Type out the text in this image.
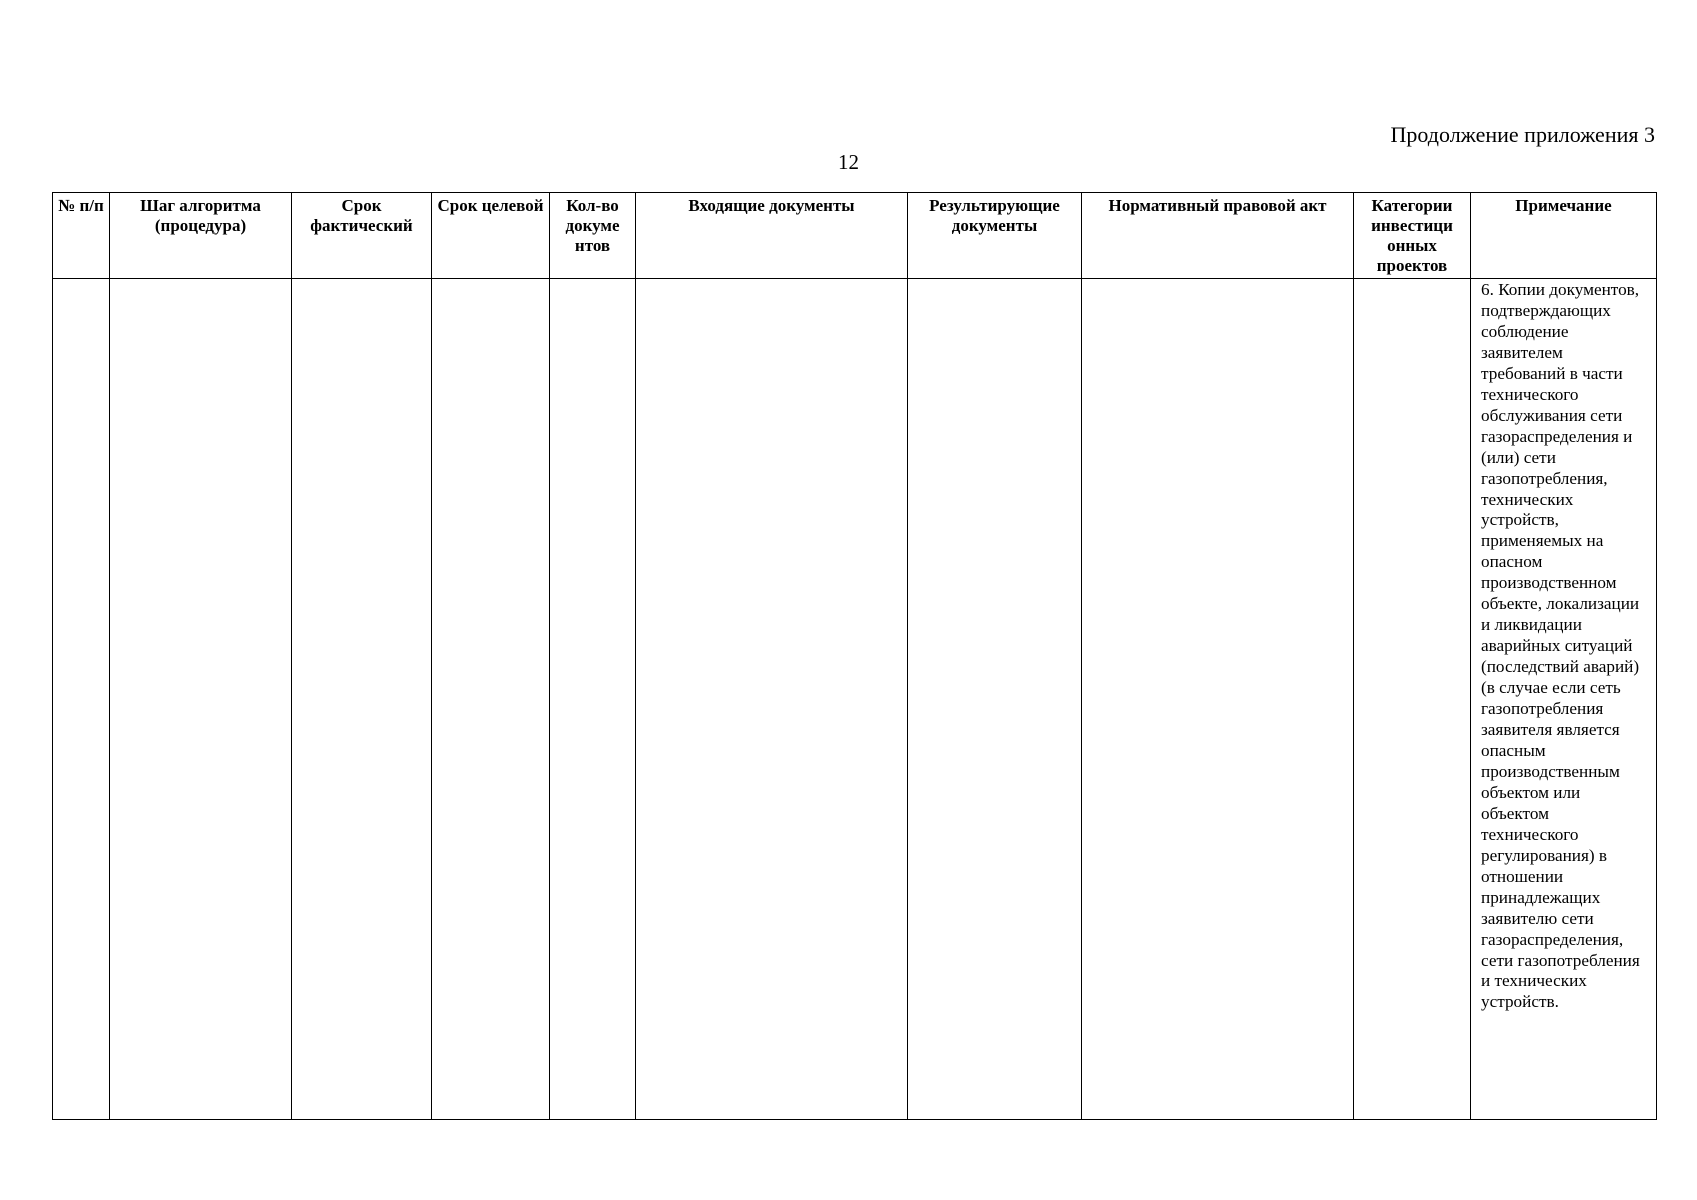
Продолжение приложения 3
12
№ п/п	Шаг алгоритма (процедура)	Срок фактический	Срок целевой	Кол-во докуме нтов	Входящие документы	Результирующие документы	Нормативный правовой акт	Категории инвестици онных проектов	Примечание
									6. Копии документов, подтверждающих соблюдение заявителем требований в части технического обслуживания сети газораспределения и (или) сети газопотребления, технических устройств, применяемых на опасном производственном объекте, локализации и ликвидации аварийных ситуаций (последствий аварий) (в случае если сеть газопотребления заявителя является опасным производственным объектом или объектом технического регулирования) в отношении принадлежащих заявителю сети газораспределения, сети газопотребления и технических устройств.
